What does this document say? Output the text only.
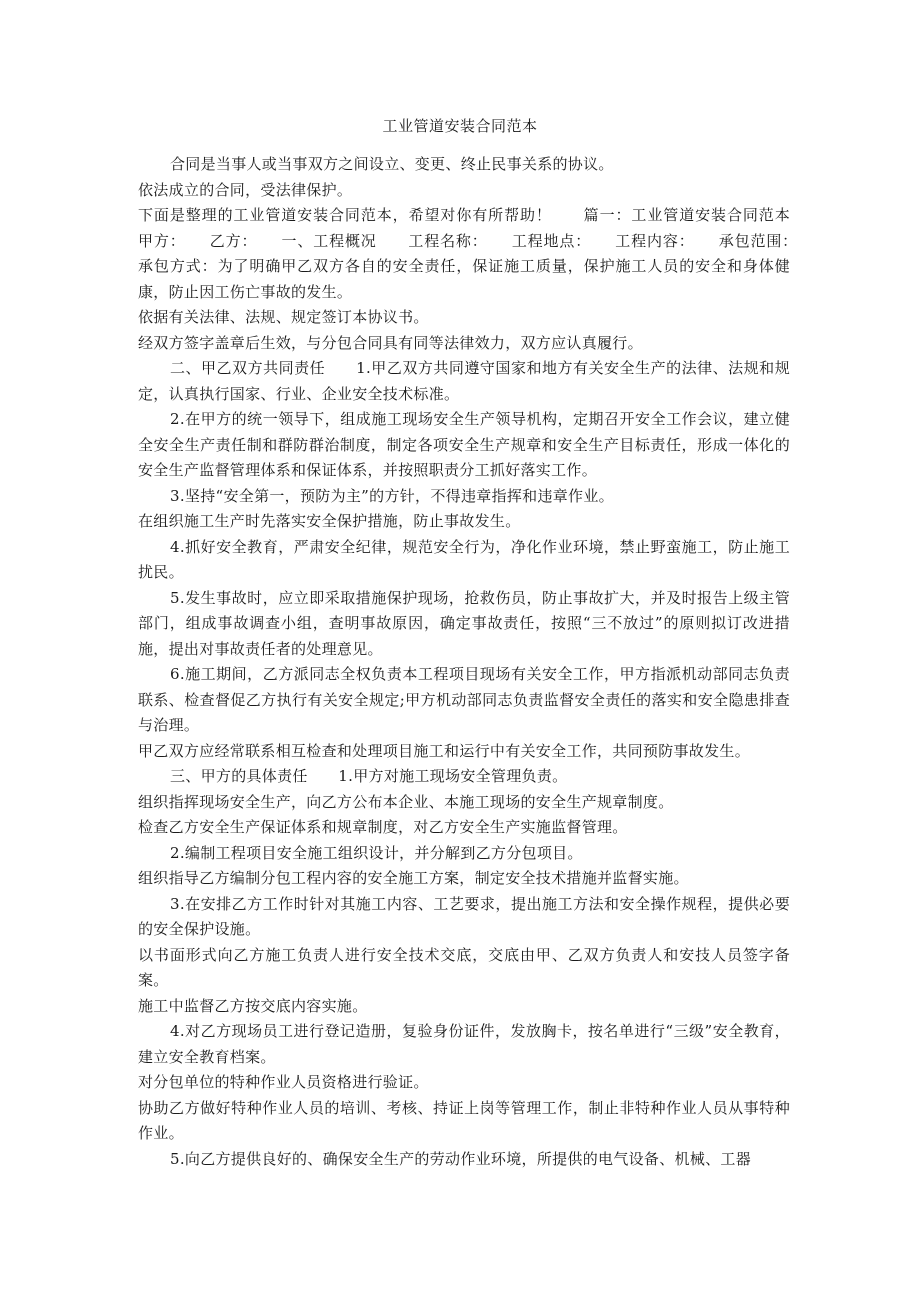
工业管道安装合同范本

合同是当事人或当事双方之间设立、变更、终止民事关系的协议。

依法成立的合同，受法律保护。

下面是整理的工业管道安装合同范本，希望对你有所帮助！　　篇一：工业管道安装合同范本　　甲方：　　乙方：　　一、工程概况　　工程名称：　　工程地点：　　工程内容：　　承包范围：　　承包方式：为了明确甲乙双方各自的安全责任，保证施工质量，保护施工人员的安全和身体健康，防止因工伤亡事故的发生。

依据有关法律、法规、规定签订本协议书。

经双方签字盖章后生效，与分包合同具有同等法律效力，双方应认真履行。

二、甲乙双方共同责任　　1.甲乙双方共同遵守国家和地方有关安全生产的法律、法规和规定，认真执行国家、行业、企业安全技术标准。

2.在甲方的统一领导下，组成施工现场安全生产领导机构，定期召开安全工作会议，建立健全安全生产责任制和群防群治制度，制定各项安全生产规章和安全生产目标责任，形成一体化的安全生产监督管理体系和保证体系，并按照职责分工抓好落实工作。

3.坚持“安全第一，预防为主”的方针，不得违章指挥和违章作业。

在组织施工生产时先落实安全保护措施，防止事故发生。

4.抓好安全教育，严肃安全纪律，规范安全行为，净化作业环境，禁止野蛮施工，防止施工扰民。

5.发生事故时，应立即采取措施保护现场，抢救伤员，防止事故扩大，并及时报告上级主管部门，组成事故调查小组，查明事故原因，确定事故责任，按照“三不放过”的原则拟订改进措施，提出对事故责任者的处理意见。

6.施工期间，乙方派同志全权负责本工程项目现场有关安全工作，甲方指派机动部同志负责联系、检查督促乙方执行有关安全规定;甲方机动部同志负责监督安全责任的落实和安全隐患排查与治理。

甲乙双方应经常联系相互检查和处理项目施工和运行中有关安全工作，共同预防事故发生。

三、甲方的具体责任　　1.甲方对施工现场安全管理负责。

组织指挥现场安全生产，向乙方公布本企业、本施工现场的安全生产规章制度。

检查乙方安全生产保证体系和规章制度，对乙方安全生产实施监督管理。

2.编制工程项目安全施工组织设计，并分解到乙方分包项目。

组织指导乙方编制分包工程内容的安全施工方案，制定安全技术措施并监督实施。

3.在安排乙方工作时针对其施工内容、工艺要求，提出施工方法和安全操作规程，提供必要的安全保护设施。

以书面形式向乙方施工负责人进行安全技术交底，交底由甲、乙双方负责人和安技人员签字备案。

施工中监督乙方按交底内容实施。

4.对乙方现场员工进行登记造册，复验身份证件，发放胸卡，按名单进行“三级”安全教育，建立安全教育档案。

对分包单位的特种作业人员资格进行验证。

协助乙方做好特种作业人员的培训、考核、持证上岗等管理工作，制止非特种作业人员从事特种作业。

5.向乙方提供良好的、确保安全生产的劳动作业环境，所提供的电气设备、机械、工器
